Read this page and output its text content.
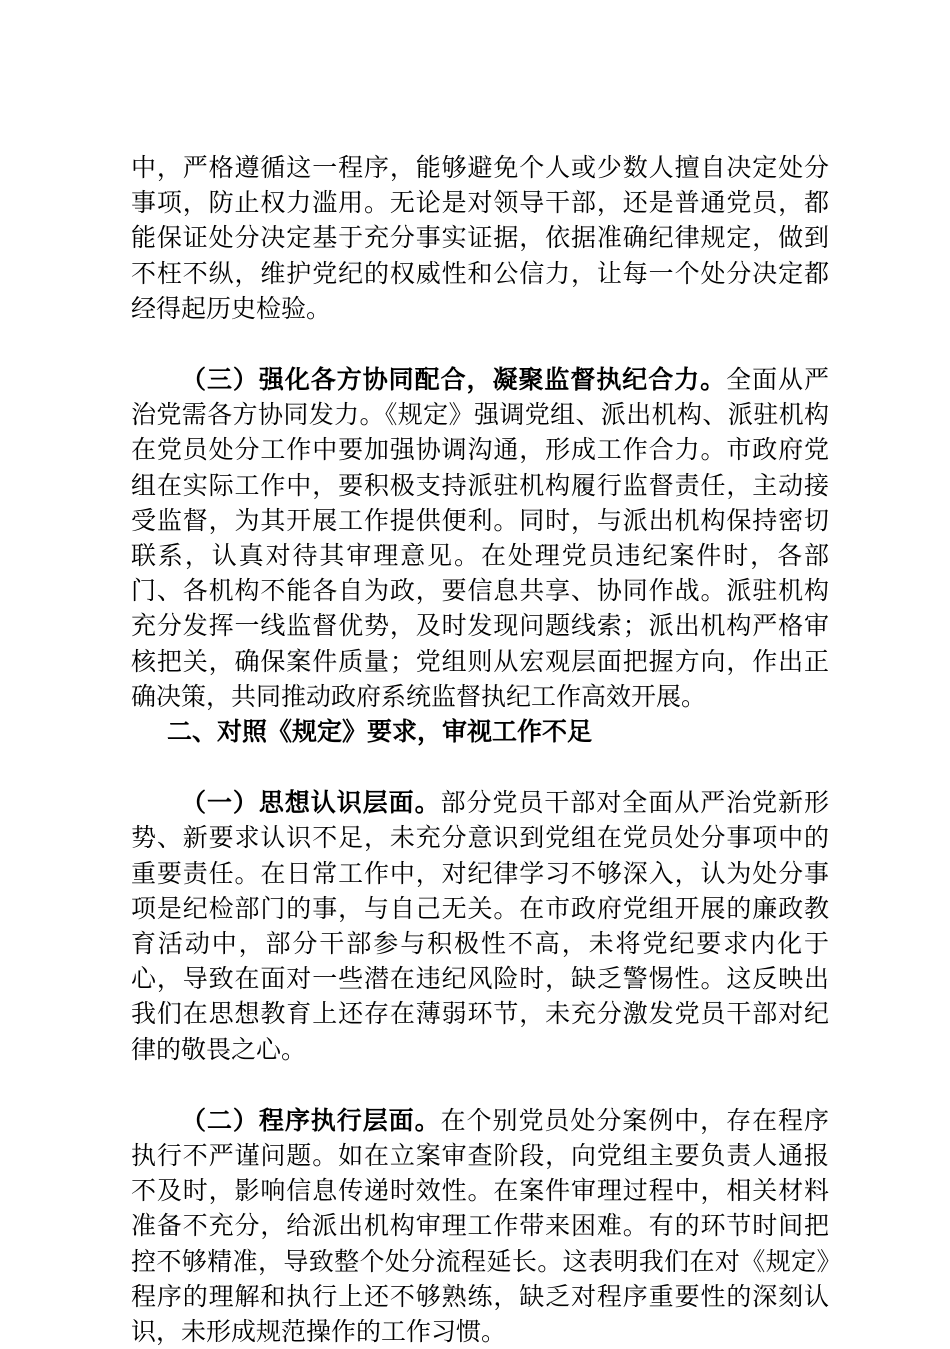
中，严格遵循这一程序，能够避免个人或少数人擅自决定处分事项，防止权力滥用。无论是对领导干部，还是普通党员，都能保证处分决定基于充分事实证据，依据准确纪律规定，做到不枉不纵，维护党纪的权威性和公信力，让每一个处分决定都经得起历史检验。

（三）强化各方协同配合，凝聚监督执纪合力。全面从严治党需各方协同发力。《规定》强调党组、派出机构、派驻机构在党员处分工作中要加强协调沟通，形成工作合力。市政府党组在实际工作中，要积极支持派驻机构履行监督责任，主动接受监督，为其开展工作提供便利。同时，与派出机构保持密切联系，认真对待其审理意见。在处理党员违纪案件时，各部门、各机构不能各自为政，要信息共享、协同作战。派驻机构充分发挥一线监督优势，及时发现问题线索；派出机构严格审核把关，确保案件质量；党组则从宏观层面把握方向，作出正确决策，共同推动政府系统监督执纪工作高效开展。

二、对照《规定》要求，审视工作不足

（一）思想认识层面。部分党员干部对全面从严治党新形势、新要求认识不足，未充分意识到党组在党员处分事项中的重要责任。在日常工作中，对纪律学习不够深入，认为处分事项是纪检部门的事，与自己无关。在市政府党组开展的廉政教育活动中，部分干部参与积极性不高，未将党纪要求内化于心，导致在面对一些潜在违纪风险时，缺乏警惕性。这反映出我们在思想教育上还存在薄弱环节，未充分激发党员干部对纪律的敬畏之心。

（二）程序执行层面。在个别党员处分案例中，存在程序执行不严谨问题。如在立案审查阶段，向党组主要负责人通报不及时，影响信息传递时效性。在案件审理过程中，相关材料准备不充分，给派出机构审理工作带来困难。有的环节时间把控不够精准，导致整个处分流程延长。这表明我们在对《规定》程序的理解和执行上还不够熟练，缺乏对程序重要性的深刻认识，未形成规范操作的工作习惯。
